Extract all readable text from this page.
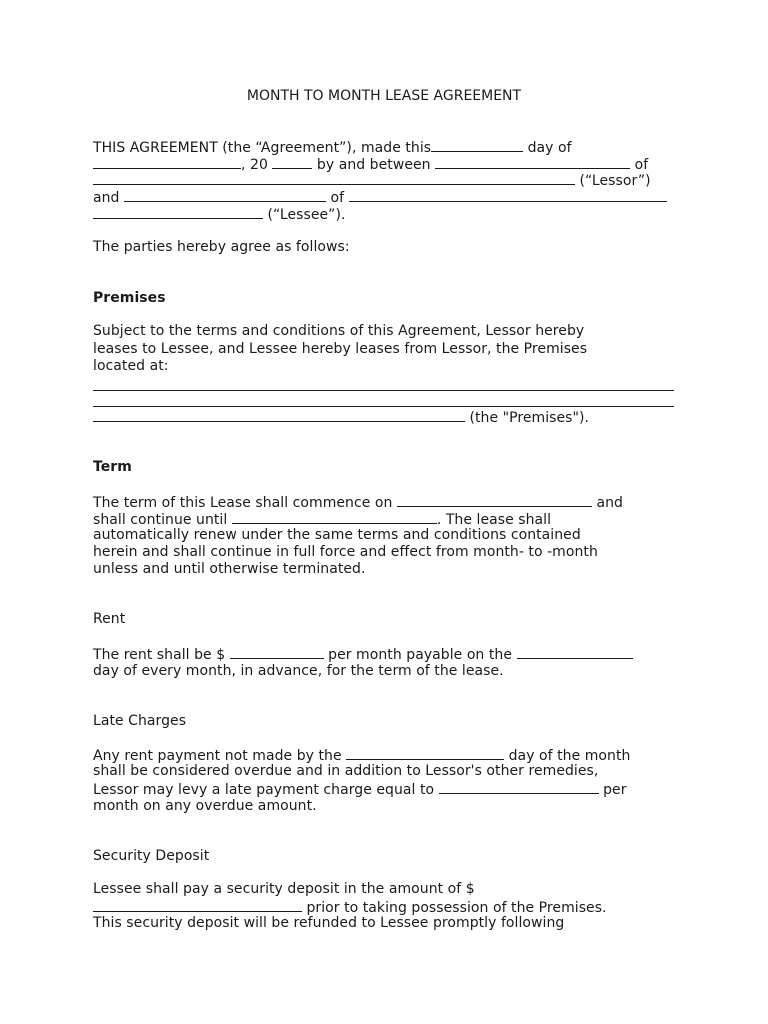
MONTH TO MONTH LEASE AGREEMENT
THIS AGREEMENT (the “Agreement”), made this	day of
, 20	by and between	of
(“Lessor”)
and	of
(“Lessee”).
The parties hereby agree as follows:
Premises
Subject to the terms and conditions of this Agreement, Lessor hereby
leases to Lessee, and Lessee hereby leases from Lessor, the Premises
located at:
(the "Premises").
Term
The term of this Lease shall commence on	and
shall continue until	. The lease shall
automatically renew under the same terms and conditions contained
herein and shall continue in full force and effect from month- to -month
unless and until otherwise terminated.
Rent
The rent shall be $	per month payable on the
day of every month, in advance, for the term of the lease.
Late Charges
Any rent payment not made by the	day of the month
shall be considered overdue and in addition to Lessor's other remedies,
Lessor may levy a late payment charge equal to	per
month on any overdue amount.
Security Deposit
Lessee shall pay a security deposit in the amount of $
prior to taking possession of the Premises.
This security deposit will be refunded to Lessee promptly following
